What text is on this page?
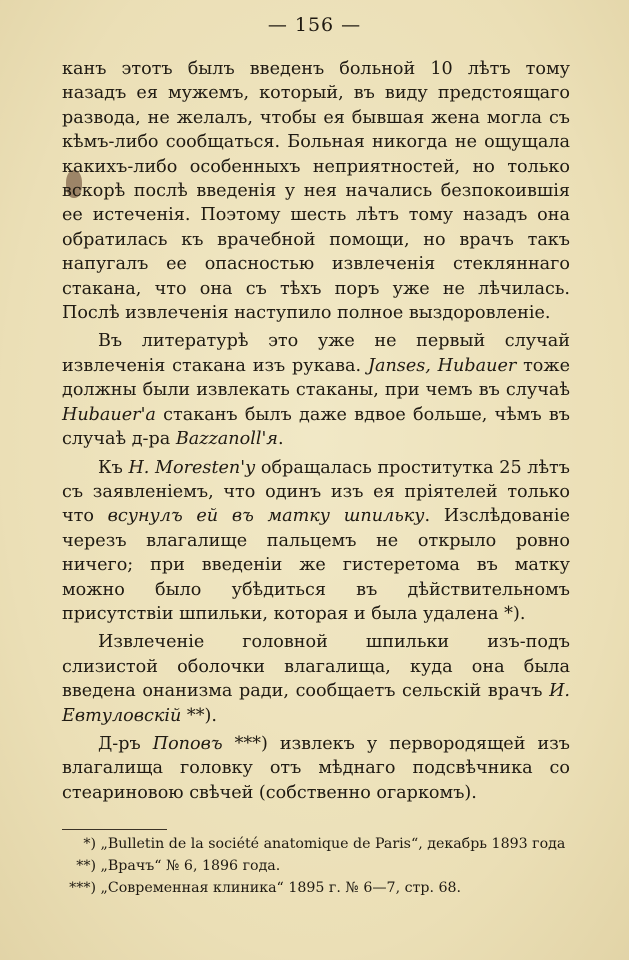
— 156 —

канъ этотъ былъ введенъ больной 10 лѣтъ тому назадъ ея мужемъ, который, въ виду предстоящаго развода, не желалъ, чтобы ея бывшая жена могла съ кѣмъ-либо сообщаться. Больная никогда не ощущала какихъ-либо особенныхъ неприятностей, но только вскорѣ послѣ введенія у нея начались безпокоившія ее истеченія. Поэтому шесть лѣтъ тому назадъ она обратилась къ врачебной помощи, но врачъ такъ напугалъ ее опасностью извлеченія стекляннаго стакана, что она съ тѣхъ поръ уже не лѣчилась. Послѣ извлеченія наступило полное выздоровленіе.

Въ литературѣ это уже не первый случай извлеченія стакана изъ рукава. Janses, Hubauer тоже должны были извлекать стаканы, при чемъ въ случаѣ Hubauer'а стаканъ былъ даже вдвое больше, чѣмъ въ случаѣ д-ра Bazzanoll'я.

Къ H. Moresten'у обращалась проститутка 25 лѣтъ съ заявленіемъ, что одинъ изъ ея пріятелей только что всунулъ ей въ матку шпильку. Изслѣдованіе черезъ влагалище пальцемъ не открыло ровно ничего; при введеніи же гистеретома въ матку можно было убѣдиться въ дѣйствительномъ присутствіи шпильки, которая и была удалена *).

Извлеченіе головной шпильки изъ-подъ слизистой оболочки влагалища, куда она была введена онанизма ради, сообщаетъ сельскій врачъ И. Евтуловскій **).

Д-ръ Поповъ ***) извлекъ у первородящей изъ влагалища головку отъ мѣднаго подсвѣчника со стеариновою свѣчей (собственно огаркомъ).

*) „Bulletin de la société anatomique de Paris“, декабрь 1893 года
**) „Врачъ“ № 6, 1896 года.
***) „Современная клиника“ 1895 г. № 6—7, стр. 68.
